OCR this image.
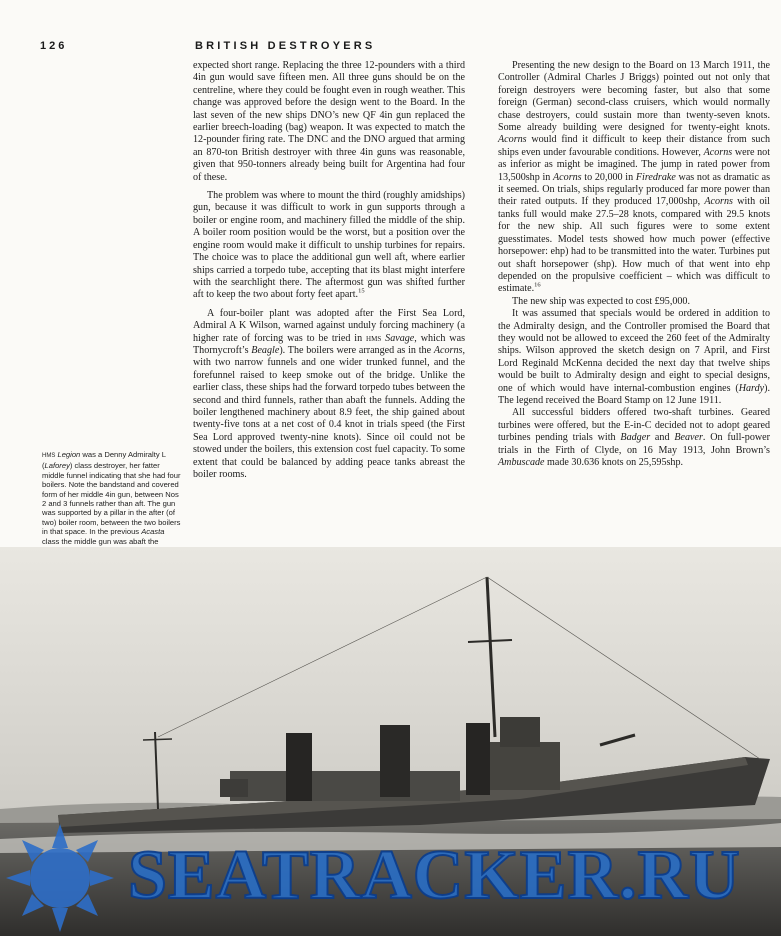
126	BRITISH DESTROYERS
HMS Legion was a Denny Admiralty L (Laforey) class destroyer, her fatter middle funnel indicating that she had four boilers. Note the bandstand and covered form of her middle 4in gun, between Nos 2 and 3 funnels rather than aft. The gun was supported by a pillar in the after (of two) boiler room, between the two boilers in that space. In the previous Acasta class the middle gun was abaft the

expected short range. Replacing the three 12-pounders with a third 4in gun would save fifteen men. All three guns should be on the centreline, where they could be fought even in rough weather. This change was approved before the design went to the Board. In the last seven of the new ships DNO’s new QF 4in gun replaced the earlier breech-loading (bag) weapon. It was expected to match the 12-pounder firing rate. The DNC and the DNO argued that arming an 870-ton British destroyer with three 4in guns was reasonable, given that 950-tonners already being built for Argentina had four of these.

The problem was where to mount the third (roughly amidships) gun, because it was difficult to work in gun supports through a boiler or engine room, and machinery filled the middle of the ship. A boiler room position would be the worst, but a position over the engine room would make it difficult to unship turbines for repairs. The choice was to place the additional gun well aft, where earlier ships carried a torpedo tube, accepting that its blast might interfere with the searchlight there. The aftermost gun was shifted further aft to keep the two about forty feet apart.$^{15}$

A four-boiler plant was adopted after the First Sea Lord, Admiral A K Wilson, warned against unduly forcing machinery (a higher rate of forcing was to be tried in HMS Savage, which was Thornycroft’s Beagle). The boilers were arranged as in the Acorns, with two narrow funnels and one wider trunked funnel, and the forefunnel raised to keep smoke out of the bridge. Unlike the earlier class, these ships had the forward torpedo tubes between the second and third funnels, rather than abaft the funnels. Adding the boiler lengthened machinery about 8.9 feet, the ship gained about twenty-five tons at a net cost of 0.4 knot in trials speed (the First Sea Lord approved twenty-nine knots). Since oil could not be stowed under the boilers, this extension cost fuel capacity. To some extent that could be balanced by adding peace tanks abreast the boiler rooms.

Presenting the new design to the Board on 13 March 1911, the Controller (Admiral Charles J Briggs) pointed out not only that foreign destroyers were becoming faster, but also that some foreign (German) second-class cruisers, which would normally chase destroyers, could sustain more than twenty-seven knots. Some already building were designed for twenty-eight knots. Acorns would find it difficult to keep their distance from such ships even under favourable conditions. However, Acorns were not as inferior as might be imagined. The jump in rated power from 13,500shp in Acorns to 20,000 in Firedrake was not as dramatic as it seemed. On trials, ships regularly produced far more power than their rated outputs. If they produced 17,000shp, Acorns with oil tanks full would make 27.5–28 knots, compared with 29.5 knots for the new ship. All such figures were to some extent guesstimates. Model tests showed how much power (effective horsepower: ehp) had to be transmitted into the water. Turbines put out shaft horsepower (shp). How much of that went into ehp depended on the propulsive coefficient – which was difficult to estimate.$^{16}$

The new ship was expected to cost £95,000.

It was assumed that specials would be ordered in addition to the Admiralty design, and the Controller promised the Board that they would not be allowed to exceed the 260 feet of the Admiralty ships. Wilson approved the sketch design on 7 April, and First Lord Reginald McKenna decided the next day that twelve ships would be built to Admiralty design and eight to special designs, one of which would have internal-combustion engines (Hardy). The legend received the Board Stamp on 12 June 1911.

All successful bidders offered two-shaft turbines. Geared turbines were offered, but the E-in-C decided not to adopt geared turbines pending trials with Badger and Beaver. On full-power trials in the Firth of Clyde, on 16 May 1913, John Brown’s Ambuscade made 30.636 knots on 25,595shp.

SEATRACKER.RU
